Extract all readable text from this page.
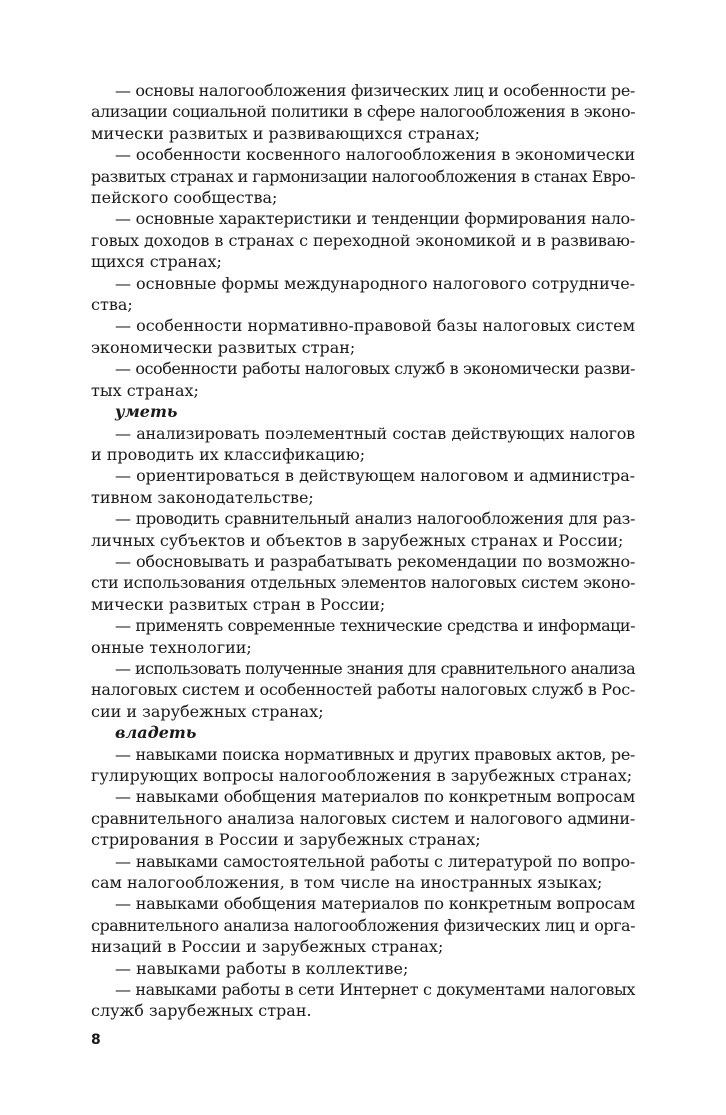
— основы налогообложения физических лиц и особенности ре-
ализации социальной политики в сфере налогообложения в эконо-
мически развитых и развивающихся странах;
— особенности косвенного налогообложения в экономически
развитых странах и гармонизации налогообложения в станах Евро-
пейского сообщества;
— основные характеристики и тенденции формирования нало-
говых доходов в странах с переходной экономикой и в развиваю-
щихся странах;
— основные формы международного налогового сотрудниче-
ства;
— особенности нормативно-правовой базы налоговых систем
экономически развитых стран;
— особенности работы налоговых служб в экономически разви-
тых странах;
уметь
— анализировать поэлементный состав действующих налогов
и проводить их классификацию;
— ориентироваться в действующем налоговом и администра-
тивном законодательстве;
— проводить сравнительный анализ налогообложения для раз-
личных субъектов и объектов в зарубежных странах и России;
— обосновывать и разрабатывать рекомендации по возможно-
сти использования отдельных элементов налоговых систем эконо-
мически развитых стран в России;
— применять современные технические средства и информаци-
онные технологии;
— использовать полученные знания для сравнительного анализа
налоговых систем и особенностей работы налоговых служб в Рос-
сии и зарубежных странах;
владеть
— навыками поиска нормативных и других правовых актов, ре-
гулирующих вопросы налогообложения в зарубежных странах;
— навыками обобщения материалов по конкретным вопросам
сравнительного анализа налоговых систем и налогового админи-
стрирования в России и зарубежных странах;
— навыками самостоятельной работы с литературой по вопро-
сам налогообложения, в том числе на иностранных языках;
— навыками обобщения материалов по конкретным вопросам
сравнительного анализа налогообложения физических лиц и орга-
низаций в России и зарубежных странах;
— навыками работы в коллективе;
— навыками работы в сети Интернет с документами налоговых
служб зарубежных стран.
8
